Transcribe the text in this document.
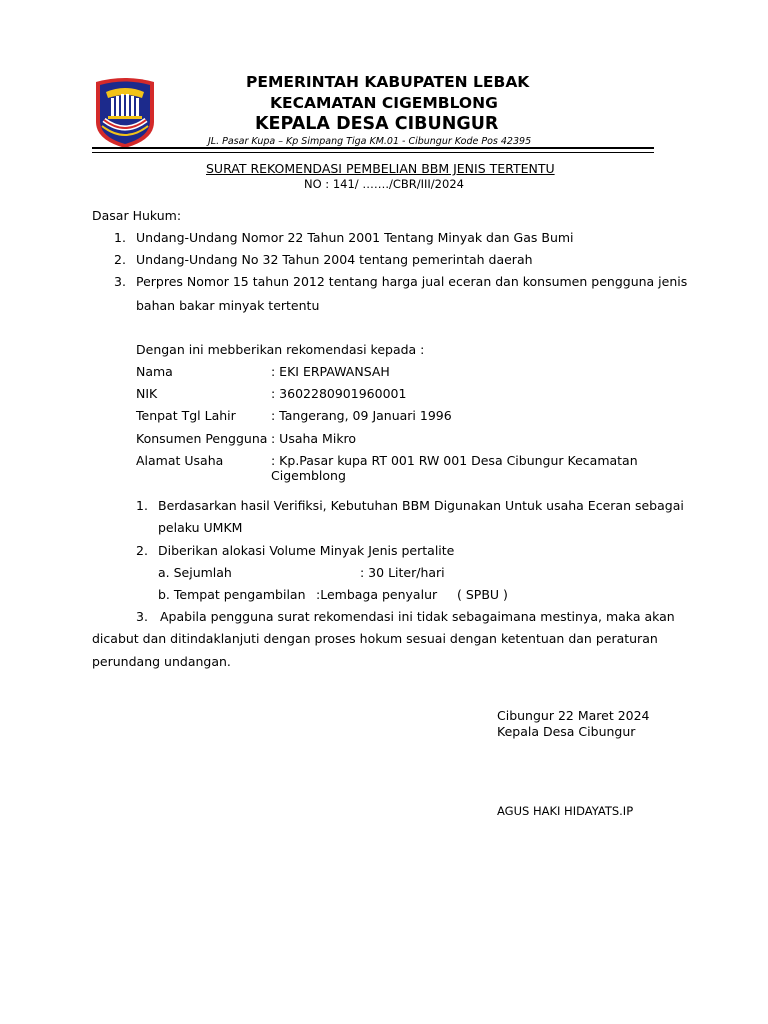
PEMERINTAH KABUPATEN LEBAK
KECAMATAN CIGEMBLONG
KEPALA DESA CIBUNGUR
JL. Pasar Kupa – Kp Simpang Tiga KM.01 - Cibungur Kode Pos 42395
SURAT REKOMENDASI PEMBELIAN BBM JENIS TERTENTU
NO : 141/ ……./CBR/III/2024
Dasar Hukum:
1. Undang-Undang Nomor 22 Tahun 2001 Tentang Minyak dan Gas Bumi
2. Undang-Undang No 32 Tahun 2004 tentang pemerintah daerah
3. Perpres Nomor 15 tahun 2012 tentang harga jual eceran dan konsumen pengguna jenis
bahan bakar minyak tertentu
Dengan ini mebberikan rekomendasi kepada :
Nama	: EKI ERPAWANSAH
NIK	: 3602280901960001
Tenpat Tgl Lahir	: Tangerang, 09 Januari 1996
Konsumen Pengguna : Usaha Mikro
Alamat Usaha	: Kp.Pasar kupa RT 001 RW 001 Desa Cibungur Kecamatan
Cigemblong
1. Berdasarkan hasil Verifiksi, Kebutuhan BBM Digunakan Untuk usaha Eceran sebagai
pelaku UMKM
2. Diberikan alokasi Volume Minyak Jenis pertalite
a. Sejumlah	: 30 Liter/hari
b. Tempat pengambilan :Lembaga penyalur     ( SPBU )
3. Apabila pengguna surat rekomendasi ini tidak sebagaimana mestinya, maka akan
dicabut dan ditindaklanjuti dengan proses hokum sesuai dengan ketentuan dan peraturan
perundang undangan.
Cibungur 22 Maret 2024
Kepala Desa Cibungur
AGUS HAKI HIDAYATS.IP
